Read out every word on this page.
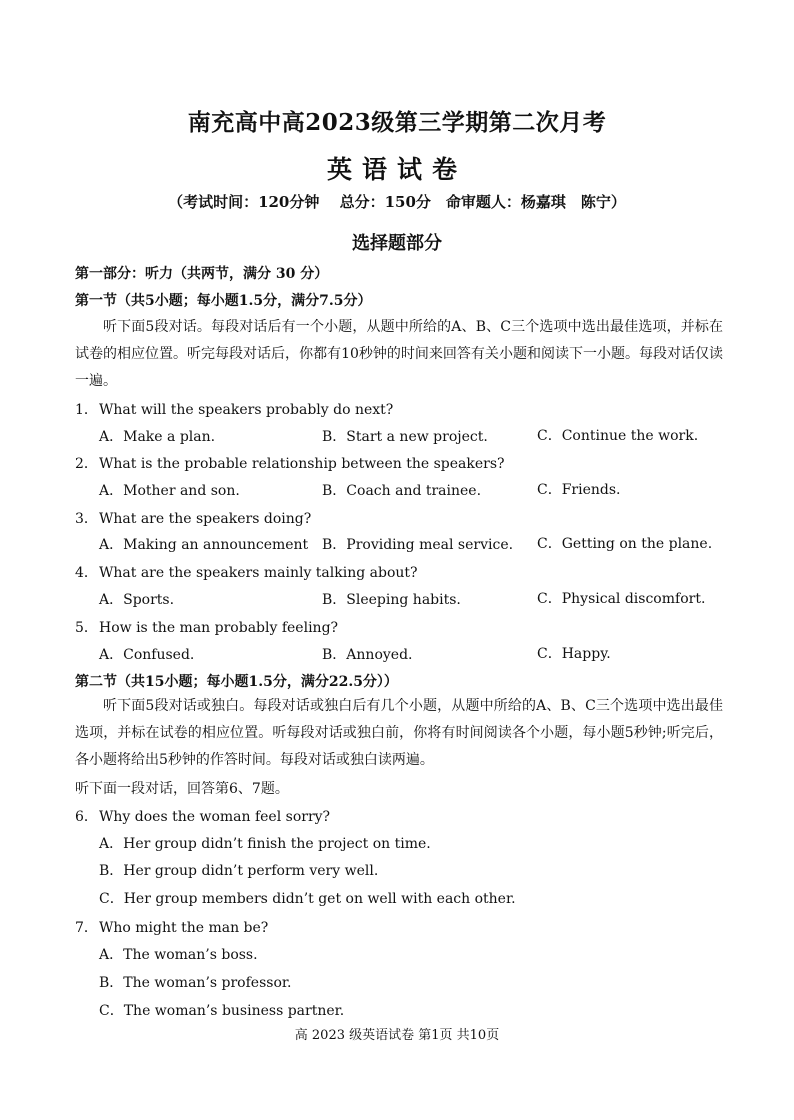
南充高中高2023级第三学期第二次月考
英语试卷
（考试时间：120分钟　 总分：150分　命审题人：杨嘉琪　陈宁）
选择题部分
第一部分：听力（共两节，满分 30 分）
第一节（共5小题；每小题1.5分，满分7.5分）
听下面5段对话。每段对话后有一个小题，从题中所给的A、B、C三个选项中选出最佳选项，并标在试卷的相应位置。听完每段对话后，你都有10秒钟的时间来回答有关小题和阅读下一小题。每段对话仅读一遍。
1． What will the speakers probably do next?
A．Make a plan.	B．Start a new project.	C．Continue the work.
2． What is the probable relationship between the speakers?
A．Mother and son.	B．Coach and trainee.	C．Friends.
3． What are the speakers doing?
A．Making an announcement B．Providing meal service. C．Getting on the plane.
4． What are the speakers mainly talking about?
A．Sports.	B．Sleeping habits.	C．Physical discomfort.
5． How is the man probably feeling?
A．Confused.	B．Annoyed.	C．Happy.
第二节（共15小题；每小题1.5分，满分22.5分））
听下面5段对话或独白。每段对话或独白后有几个小题，从题中所给的A、B、C三个选项中选出最佳选项，并标在试卷的相应位置。听每段对话或独白前，你将有时间阅读各个小题，每小题5秒钟;听完后，各小题将给出5秒钟的作答时间。每段对话或独白读两遍。
听下面一段对话，回答第6、7题。
6． Why does the woman feel sorry?
A．Her group didn’t finish the project on time.
B．Her group didn’t perform very well.
C．Her group members didn’t get on well with each other.
7． Who might the man be?
A．The woman’s boss.
B．The woman’s professor.
C．The woman’s business partner.
高 2023 级英语试卷 第1页 共10页
